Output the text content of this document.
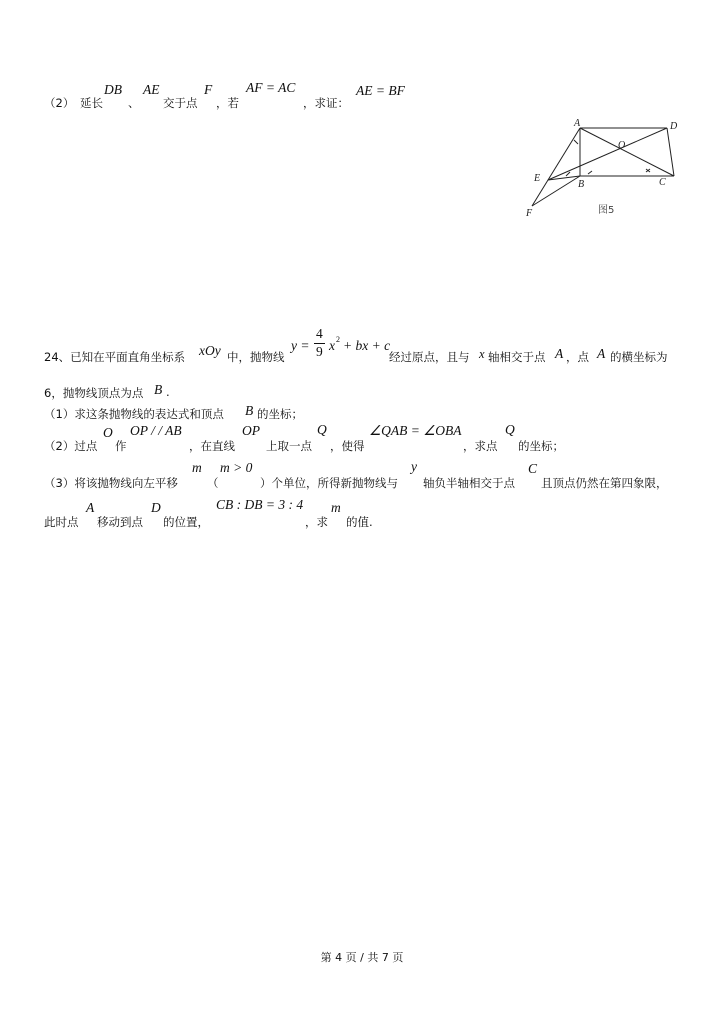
（2） 延长
DB
、
AE
交于点
F
，若
AF = AC
，求证：
AE = BF
A	D
O
E
B	C
F	图5
24、已知在平面直角坐标系 xOy 中，抛物线
y =
4
9 x 2 + bx + c
经过原点，且与 x 轴相交于点 A ，点 A 的横坐标为
6，抛物线顶点为点 B .
（1）求这条抛物线的表达式和顶点 B 的坐标；
（2）过点
O
作
OP / / AB
，在直线
OP
上取一点
Q
，使得
∠QAB = ∠OBA
，求点
Q
的坐标；
（3）将该抛物线向左平移
m
（
m > 0
）个单位，所得新抛物线与
y
轴负半轴相交于点
C
且顶点仍然在第四象限，
此时点
A
移动到点
D
的位置，
CB : DB = 3 : 4
，求
m
的值.
第 4 页 / 共 7 页
